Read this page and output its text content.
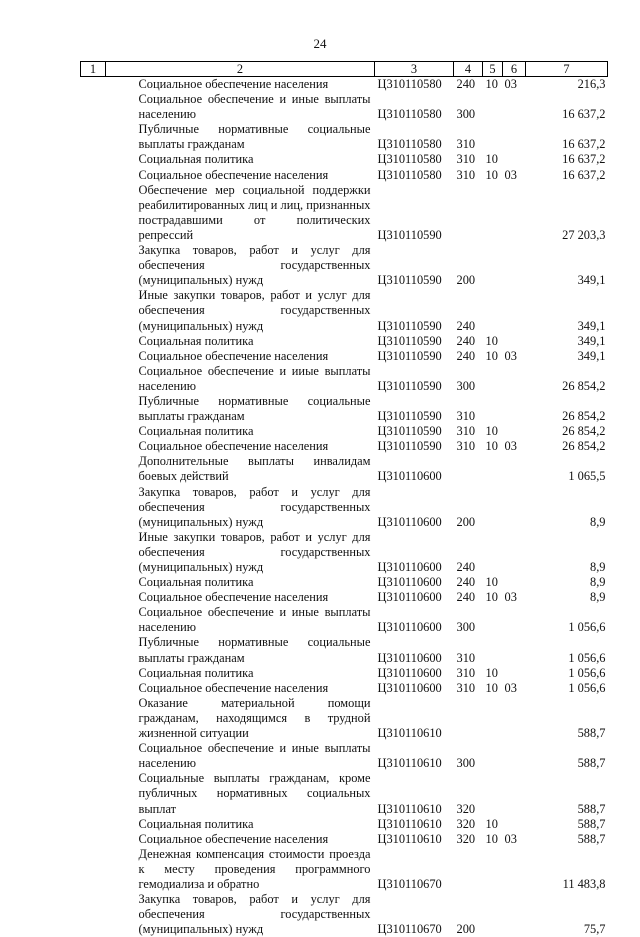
24
1	2	3	4	5	6	7
	Социальное обеспечение населения	Ц310110580	240	10	03	216,3
	Социальное обеспечение и иные выплаты населению	Ц310110580	300			16 637,2
	Публичные нормативные социальные выплаты гражданам	Ц310110580	310			16 637,2
	Социальная политика	Ц310110580	310	10		16 637,2
	Социальное обеспечение населения	Ц310110580	310	10	03	16 637,2
	Обеспечение мер социальной поддержки реабилитированных лиц и лиц, признанных пострадавшими от политических репрессий	Ц310110590				27 203,3
	Закупка товаров, работ и услуг для обеспечения государственных (муниципальных) нужд	Ц310110590	200			349,1
	Иные закупки товаров, работ и услуг для обеспечения государственных (муниципальных) нужд	Ц310110590	240			349,1
	Социальная политика	Ц310110590	240	10		349,1
	Социальное обеспечение населения	Ц310110590	240	10	03	349,1
	Социальное обеспечение и ииые выплаты населению	Ц310110590	300			26 854,2
	Публичные нормативные социальные выплаты гражданам	Ц310110590	310			26 854,2
	Социальная политика	Ц310110590	310	10		26 854,2
	Социальное обеспечение населения	Ц310110590	310	10	03	26 854,2
	Дополнительные выплаты инвалидам боевых действий	Ц310110600				1 065,5
	Закупка товаров, работ и услуг для обеспечения государственных (муниципальных) нужд	Ц310110600	200			8,9
	Иные закупки товаров, работ и услуг для обеспечения государственных (муниципальных) нужд	Ц310110600	240			8,9
	Социальная политика	Ц310110600	240	10		8,9
	Социальное обеспечение населения	Ц310110600	240	10	03	8,9
	Социальное обеспечение и иные выплаты населению	Ц310110600	300			1 056,6
	Публичные нормативные социальные выплаты гражданам	Ц310110600	310			1 056,6
	Социальная политика	Ц310110600	310	10		1 056,6
	Социальное обеспечение населения	Ц310110600	310	10	03	1 056,6
	Оказание материальной помощи гражданам, находящимся в трудной жизненной ситуации	Ц310110610				588,7
	Социальное обеспечение и иные выплаты населению	Ц310110610	300			588,7
	Социальные выплаты гражданам, кроме публичных нормативных социальных выплат	Ц310110610	320			588,7
	Социальная политика	Ц310110610	320	10		588,7
	Социальное обеспечение населения	Ц310110610	320	10	03	588,7
	Денежная компенсация стоимости проезда к месту проведения программного гемодиализа и обратно	Ц310110670				11 483,8
	Закупка товаров, работ и услуг для обеспечения государственных (муниципальных) нужд	Ц310110670	200			75,7
